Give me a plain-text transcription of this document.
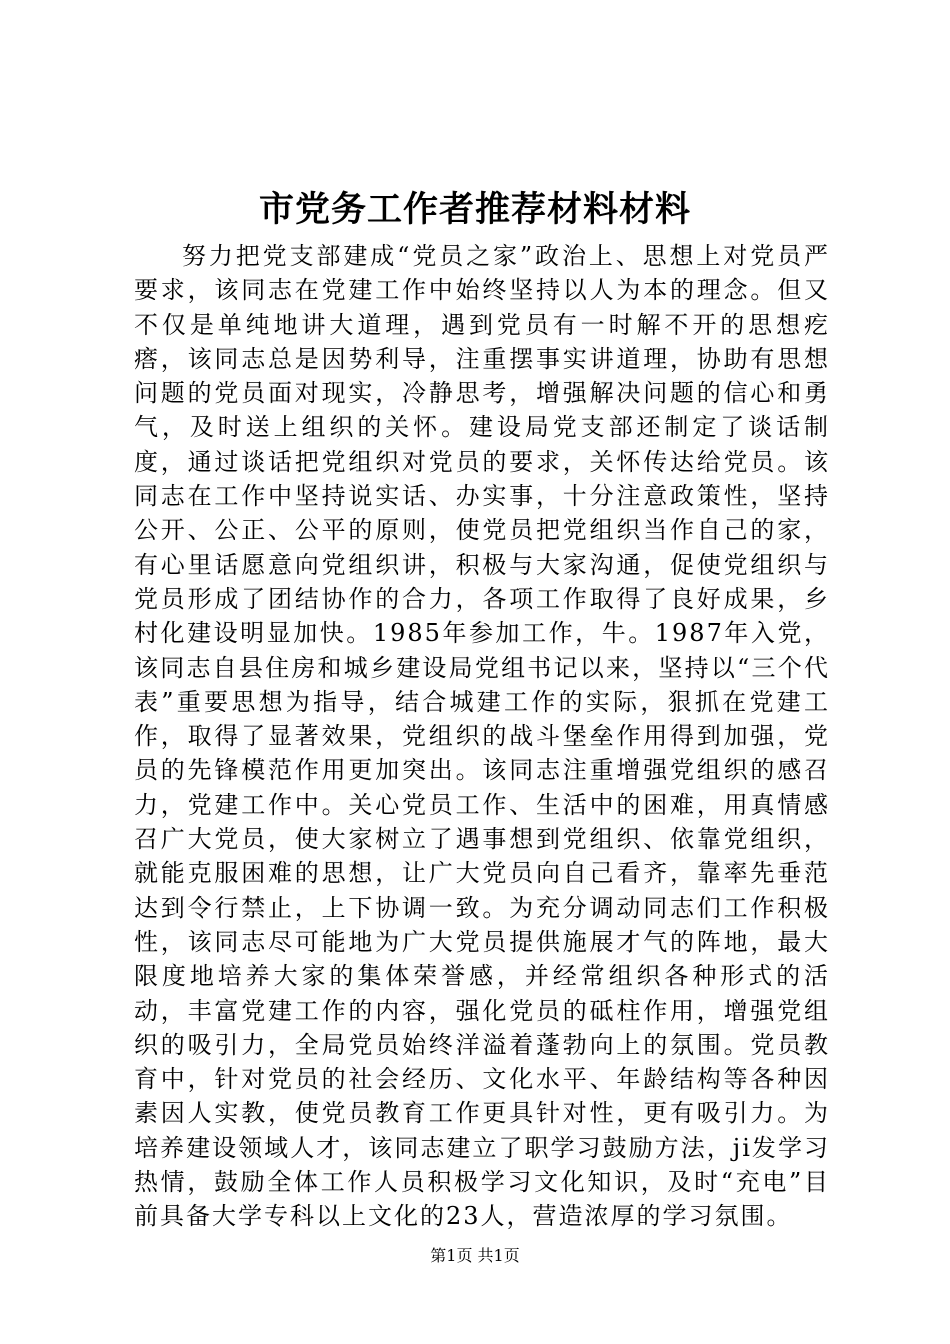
市党务工作者推荐材料材料

努力把党支部建成“党员之家”政治上、思想上对党员严要求，该同志在党建工作中始终坚持以人为本的理念。但又不仅是单纯地讲大道理，遇到党员有一时解不开的思想疙瘩，该同志总是因势利导，注重摆事实讲道理，协助有思想问题的党员面对现实，冷静思考，增强解决问题的信心和勇气，及时送上组织的关怀。建设局党支部还制定了谈话制度，通过谈话把党组织对党员的要求，关怀传达给党员。该同志在工作中坚持说实话、办实事，十分注意政策性，坚持公开、公正、公平的原则，使党员把党组织当作自己的家，有心里话愿意向党组织讲，积极与大家沟通，促使党组织与党员形成了团结协作的合力，各项工作取得了良好成果，乡村化建设明显加快。1985年参加工作，牛。1987年入党，该同志自县住房和城乡建设局党组书记以来，坚持以“三个代表”重要思想为指导，结合城建工作的实际，狠抓在党建工作，取得了显著效果，党组织的战斗堡垒作用得到加强，党员的先锋模范作用更加突出。该同志注重增强党组织的感召力，党建工作中。关心党员工作、生活中的困难，用真情感召广大党员，使大家树立了遇事想到党组织、依靠党组织，就能克服困难的思想，让广大党员向自己看齐，靠率先垂范达到令行禁止，上下协调一致。为充分调动同志们工作积极性，该同志尽可能地为广大党员提供施展才气的阵地，最大限度地培养大家的集体荣誉感，并经常组织各种形式的活动，丰富党建工作的内容，强化党员的砥柱作用，增强党组织的吸引力，全局党员始终洋溢着蓬勃向上的氛围。党员教育中，针对党员的社会经历、文化水平、年龄结构等各种因素因人实教，使党员教育工作更具针对性，更有吸引力。为培养建设领域人才，该同志建立了职学习鼓励方法，ji发学习热情，鼓励全体工作人员积极学习文化知识，及时“充电”目前具备大学专科以上文化的23人，营造浓厚的学习氛围。

第1页 共1页
